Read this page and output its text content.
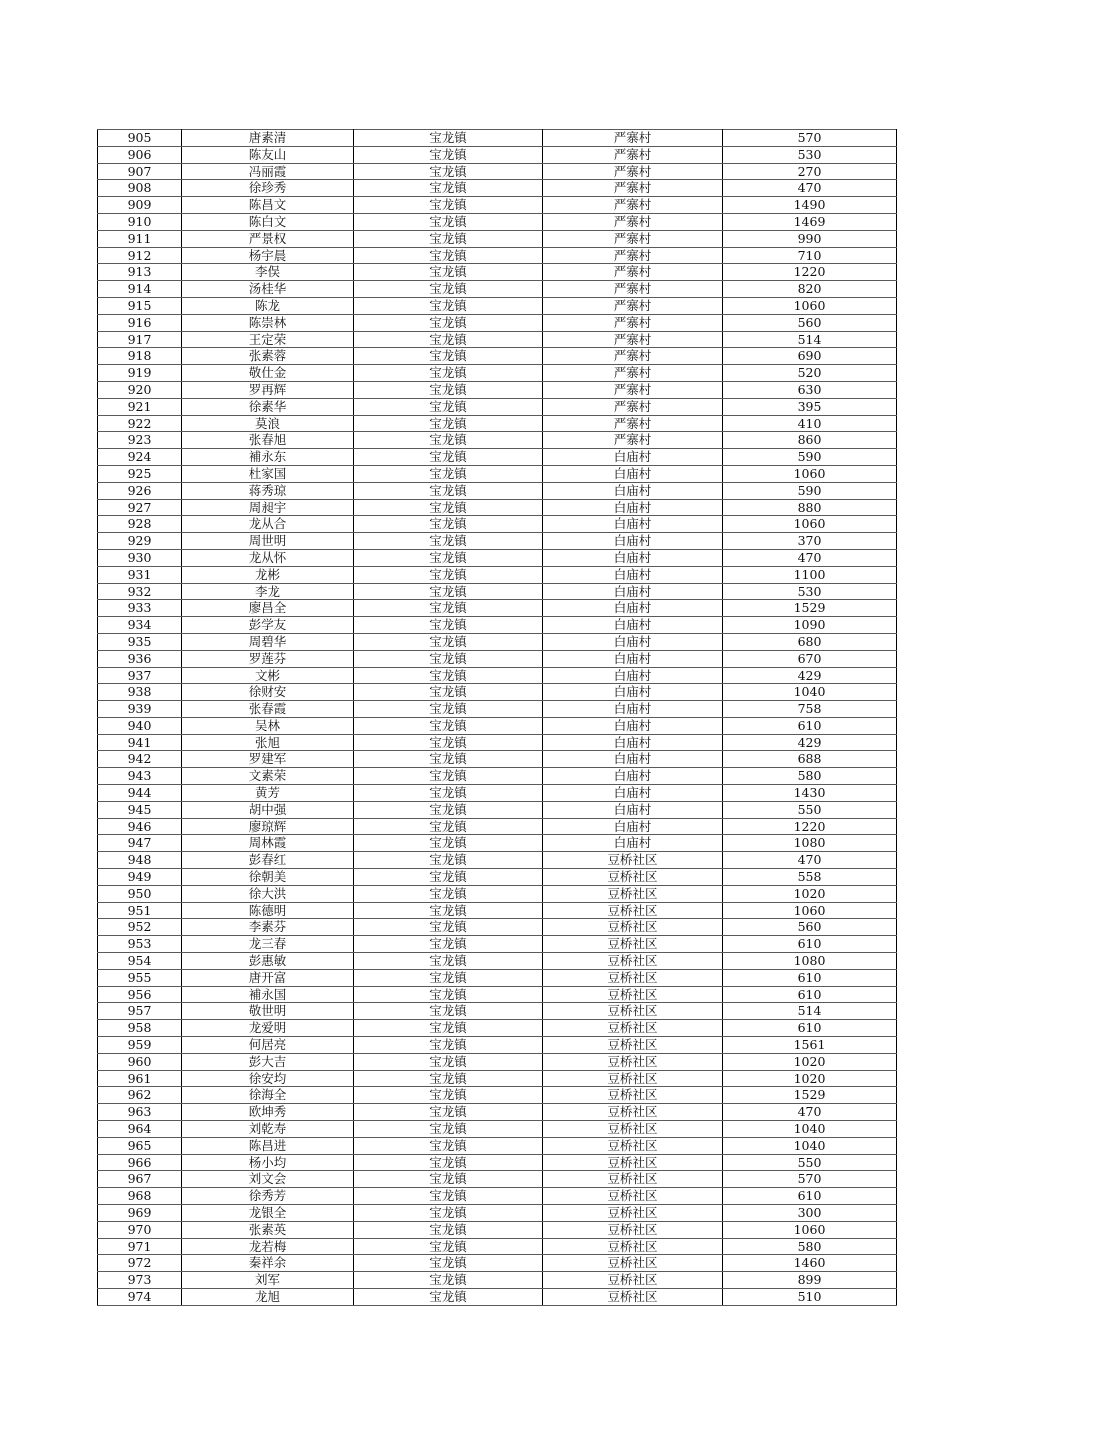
905	唐素清	宝龙镇	严寨村	570
906	陈友山	宝龙镇	严寨村	530
907	冯丽霞	宝龙镇	严寨村	270
908	徐珍秀	宝龙镇	严寨村	470
909	陈昌文	宝龙镇	严寨村	1490
910	陈白文	宝龙镇	严寨村	1469
911	严景权	宝龙镇	严寨村	990
912	杨宇晨	宝龙镇	严寨村	710
913	李俣	宝龙镇	严寨村	1220
914	汤桂华	宝龙镇	严寨村	820
915	陈龙	宝龙镇	严寨村	1060
916	陈崇林	宝龙镇	严寨村	560
917	王定荣	宝龙镇	严寨村	514
918	张素蓉	宝龙镇	严寨村	690
919	敬仕金	宝龙镇	严寨村	520
920	罗再辉	宝龙镇	严寨村	630
921	徐素华	宝龙镇	严寨村	395
922	莫浪	宝龙镇	严寨村	410
923	张春旭	宝龙镇	严寨村	860
924	補永东	宝龙镇	白庙村	590
925	杜家国	宝龙镇	白庙村	1060
926	蒋秀琼	宝龙镇	白庙村	590
927	周昶宇	宝龙镇	白庙村	880
928	龙从合	宝龙镇	白庙村	1060
929	周世明	宝龙镇	白庙村	370
930	龙从怀	宝龙镇	白庙村	470
931	龙彬	宝龙镇	白庙村	1100
932	李龙	宝龙镇	白庙村	530
933	廖昌全	宝龙镇	白庙村	1529
934	彭学友	宝龙镇	白庙村	1090
935	周碧华	宝龙镇	白庙村	680
936	罗莲芬	宝龙镇	白庙村	670
937	文彬	宝龙镇	白庙村	429
938	徐财安	宝龙镇	白庙村	1040
939	张春霞	宝龙镇	白庙村	758
940	吴林	宝龙镇	白庙村	610
941	张旭	宝龙镇	白庙村	429
942	罗建军	宝龙镇	白庙村	688
943	文素荣	宝龙镇	白庙村	580
944	黄芳	宝龙镇	白庙村	1430
945	胡中强	宝龙镇	白庙村	550
946	廖琼辉	宝龙镇	白庙村	1220
947	周林霞	宝龙镇	白庙村	1080
948	彭春红	宝龙镇	豆桥社区	470
949	徐朝美	宝龙镇	豆桥社区	558
950	徐大洪	宝龙镇	豆桥社区	1020
951	陈德明	宝龙镇	豆桥社区	1060
952	李素芬	宝龙镇	豆桥社区	560
953	龙三春	宝龙镇	豆桥社区	610
954	彭惠敏	宝龙镇	豆桥社区	1080
955	唐开富	宝龙镇	豆桥社区	610
956	補永国	宝龙镇	豆桥社区	610
957	敬世明	宝龙镇	豆桥社区	514
958	龙爱明	宝龙镇	豆桥社区	610
959	何居亮	宝龙镇	豆桥社区	1561
960	彭大吉	宝龙镇	豆桥社区	1020
961	徐安均	宝龙镇	豆桥社区	1020
962	徐海全	宝龙镇	豆桥社区	1529
963	欧坤秀	宝龙镇	豆桥社区	470
964	刘乾寿	宝龙镇	豆桥社区	1040
965	陈昌进	宝龙镇	豆桥社区	1040
966	杨小均	宝龙镇	豆桥社区	550
967	刘文会	宝龙镇	豆桥社区	570
968	徐秀芳	宝龙镇	豆桥社区	610
969	龙银全	宝龙镇	豆桥社区	300
970	张素英	宝龙镇	豆桥社区	1060
971	龙若梅	宝龙镇	豆桥社区	580
972	秦祥余	宝龙镇	豆桥社区	1460
973	刘军	宝龙镇	豆桥社区	899
974	龙旭	宝龙镇	豆桥社区	510
